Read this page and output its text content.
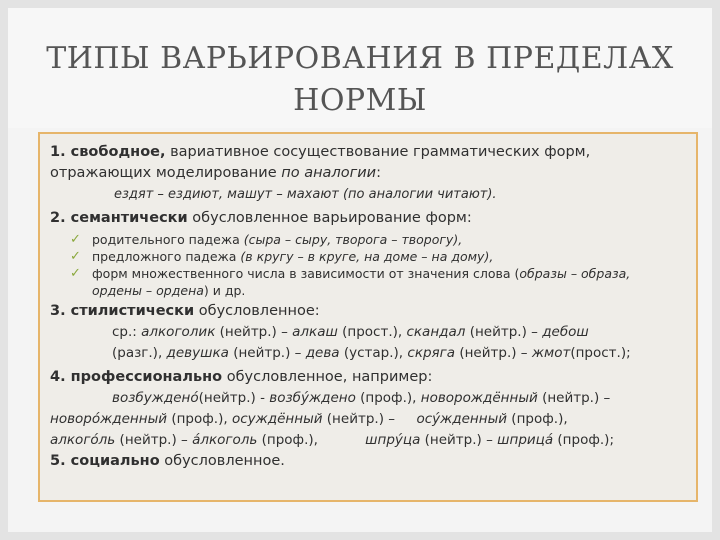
ТИПЫ ВАРЬИРОВАНИЯ В ПРЕДЕЛАХ
НОРМЫ
1. свободное, вариативное сосуществование грамматических форм,
отражающих моделирование по аналогии:
ездят – ездиют, машут – махают (по аналогии читают).
2. семантически обусловленное варьирование форм:
✓ родительного падежа (сыра – сыру, творога – творогу),
✓ предложного падежа (в кругу – в круге, на доме – на дому),
✓ форм множественного числа в зависимости от значения слова (образы – образа,
ордены – ордена) и др.
3. стилистически обусловленное:
ср.: алкоголик (нейтр.) – алкаш (прост.), скандал (нейтр.) – дебош
(разг.), девушка (нейтр.) – дева (устар.), скряга (нейтр.) – жмот(прост.);
4. профессионально обусловленное, например:
возбуждено́(нейтр.) - возбу́ждено (проф.), новорождённый (нейтр.) –
новоро́жденный (проф.), осуждённый (нейтр.) –     осу́жденный (проф.),
алкого́ль (нейтр.) – а́лкоголь (проф.),           шпру́ца (нейтр.) – шприца́ (проф.);
5. социально обусловленное.
